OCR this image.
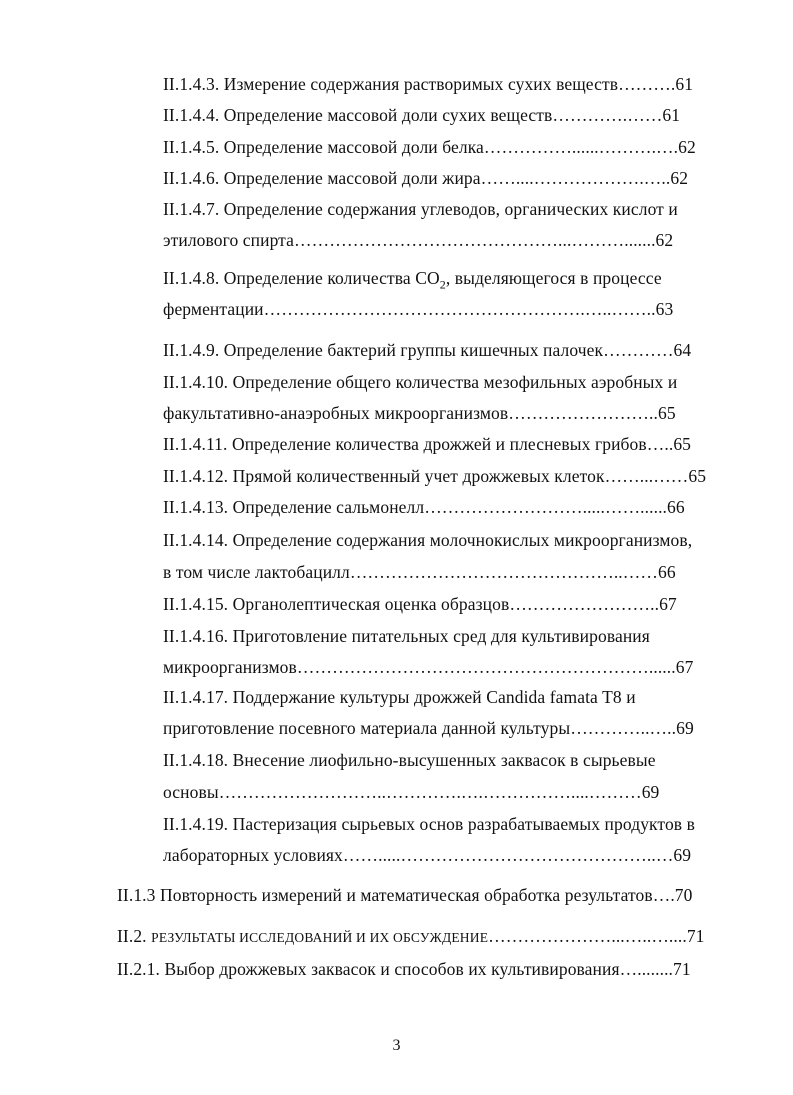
II.1.4.3. Измерение содержания растворимых сухих веществ……….61
II.1.4.4. Определение массовой доли сухих веществ………….……61
II.1.4.5. Определение массовой доли белка……………......……….….62
II.1.4.6. Определение массовой доли жира……....……………….…..62
II.1.4.7. Определение содержания углеводов, органических кислот и
этилового спирта………………………………………...……….......62
II.1.4.8. Определение количества $CO_2$, выделяющегося в процессе
ферментации……………………………………………….…..……..63
II.1.4.9. Определение бактерий группы кишечных палочек…………64
II.1.4.10. Определение общего количества мезофильных аэробных и
факультативно-анаэробных микроорганизмов……………………..65
II.1.4.11. Определение количества дрожжей и плесневых грибов…..65
II.1.4.12. Прямой количественный учет дрожжевых клеток……...……65
II.1.4.13. Определение сальмонелл……………………….....……......66
II.1.4.14. Определение содержания молочнокислых микроорганизмов,
в том числе лактобацилл………………………………………..……66
II.1.4.15. Органолептическая оценка образцов……………………..67
II.1.4.16. Приготовление питательных сред для культивирования
микроорганизмов……………………………………………………......67
II.1.4.17. Поддержание культуры дрожжей Candida famata T8 и
приготовление посевного материала данной культуры…………..…..69
II.1.4.18. Внесение лиофильно-высушенных заквасок в сырьевые
основы………………………..………….….……………....………69
II.1.4.19. Пастеризация сырьевых основ разрабатываемых продуктов в
лабораторных условиях…….....……………………………………..…69
II.1.3 Повторность измерений и математическая обработка результатов….70
II.2. РЕЗУЛЬТАТЫ ИССЛЕДОВАНИЙ И ИХ ОБСУЖДЕНИЕ…………………...…..…....71
II.2.1. Выбор дрожжевых заквасок и способов их культивирования…........71
3
